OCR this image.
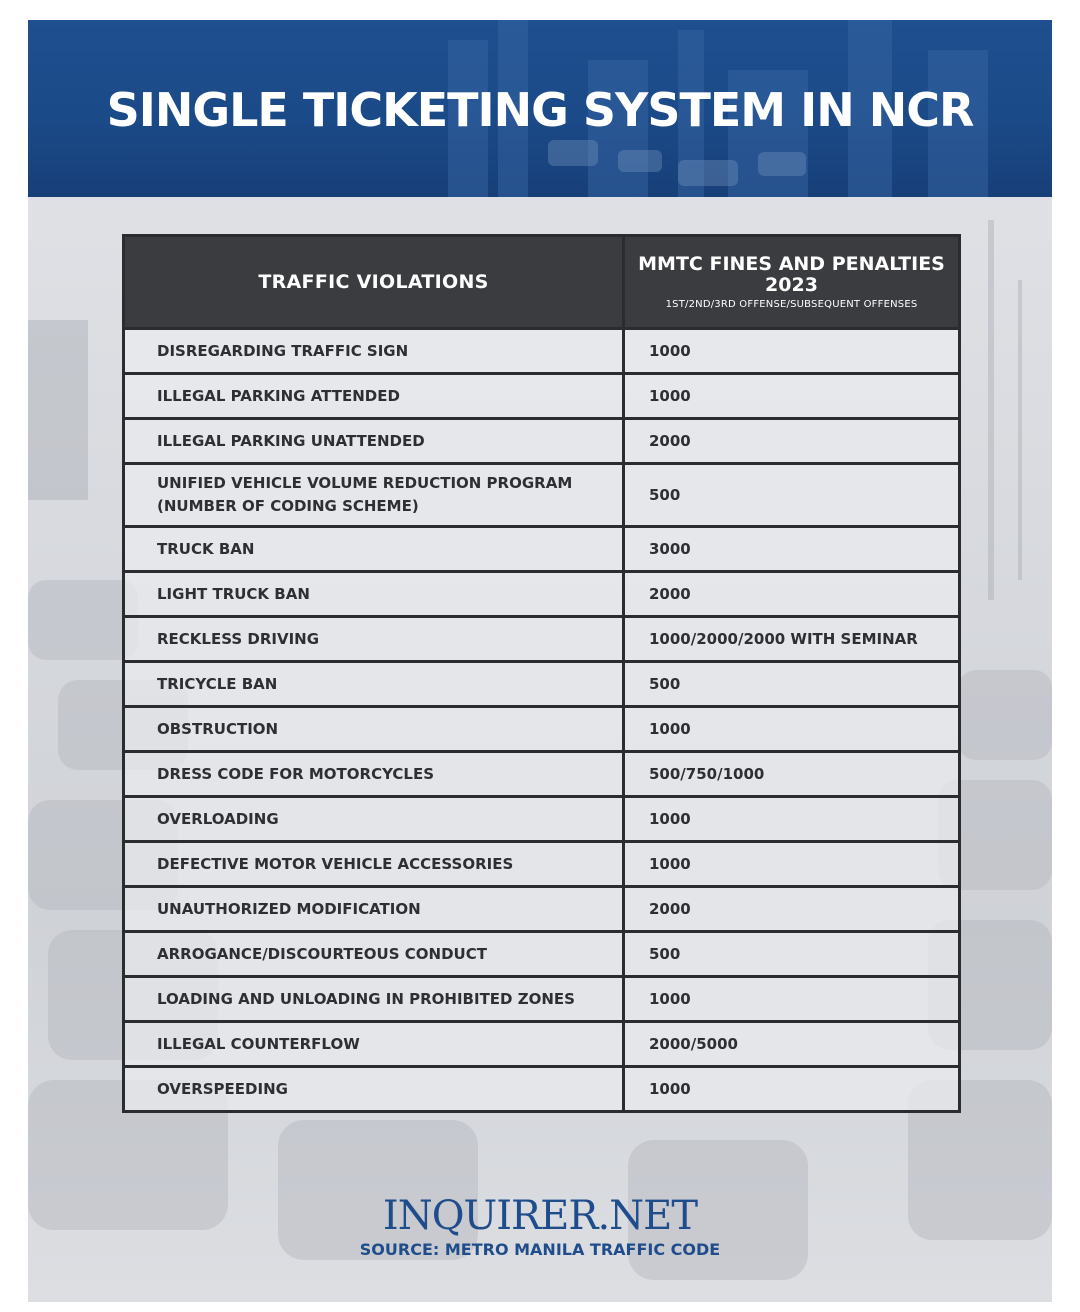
SINGLE TICKETING SYSTEM IN NCR
TRAFFIC VIOLATIONS	MMTC FINES AND PENALTIES 2023
1ST/2ND/3RD OFFENSE/SUBSEQUENT OFFENSES

DISREGARDING TRAFFIC SIGN	1000
ILLEGAL PARKING ATTENDED	1000
ILLEGAL PARKING UNATTENDED	2000
UNIFIED VEHICLE VOLUME REDUCTION PROGRAM (NUMBER OF CODING SCHEME)	500
TRUCK BAN	3000
LIGHT TRUCK BAN	2000
RECKLESS DRIVING	1000/2000/2000 WITH SEMINAR
TRICYCLE BAN	500
OBSTRUCTION	1000
DRESS CODE FOR MOTORCYCLES	500/750/1000
OVERLOADING	1000
DEFECTIVE MOTOR VEHICLE ACCESSORIES	1000
UNAUTHORIZED MODIFICATION	2000
ARROGANCE/DISCOURTEOUS CONDUCT	500
LOADING AND UNLOADING IN PROHIBITED ZONES	1000
ILLEGAL COUNTERFLOW	2000/5000
OVERSPEEDING	1000

INQUIRER.NET

SOURCE: METRO MANILA TRAFFIC CODE
